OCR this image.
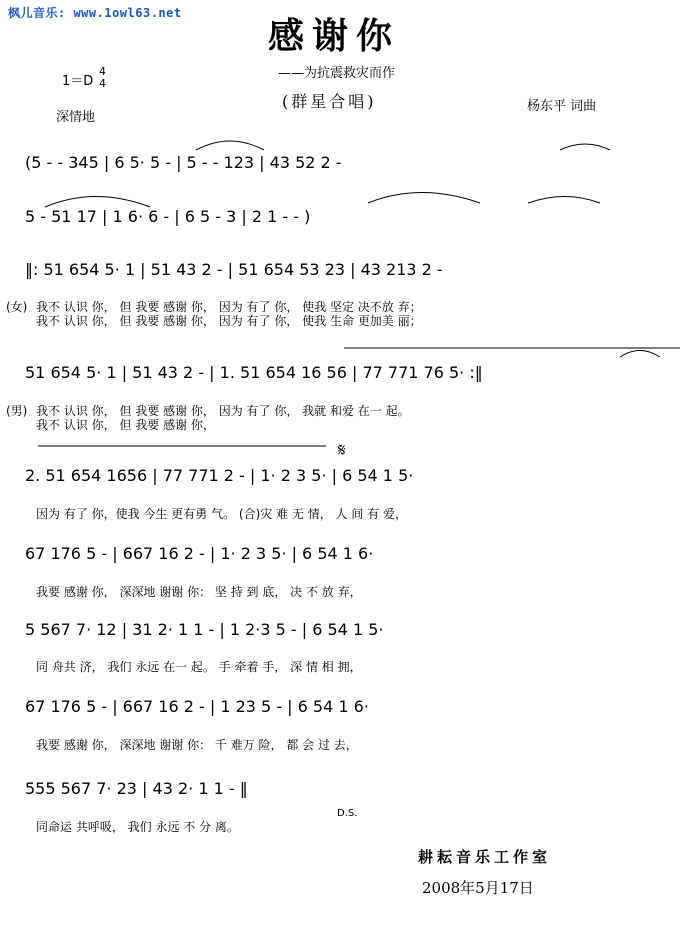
枫儿音乐: www.1owl63.net
感谢你
——为抗震救灾而作
(群星合唱)	杨东平 词曲
1＝D
4
4
深情地
(5 - - 345 | 6 5· 5 - | 5 - - 123 | 43 52 2 -
5 - 51 17 | 1 6· 6 - | 6 5 - 3 | 2 1 - - )
‖: 51 654 5· 1 | 51 43 2 - | 51 654 53 23 | 43 213 2 -
(女) 我不 认识 你， 但 我要 感谢 你， 因为 有了 你， 使我 坚定 决不放 弃；
我不 认识 你， 但 我要 感谢 你， 因为 有了 你， 使我 生命 更加美 丽；
51 654 5· 1 | 51 43 2 - | 1. 51 654 16 56 | 77 771 76 5· :‖
(男) 我不 认识 你， 但 我要 感谢 你， 因为 有了 你， 我就 和爱 在一 起。
我不 认识 你， 但 我要 感谢 你，
2. 51 654 1656 | 77 771 2 - | 1· 2 3 5· | 6 54 1 5·
因为 有了 你，使我 今生 更有勇 气。 (合)灾 难 无 情， 人 间 有 爱，
67 176 5 - | 667 16 2 - | 1· 2 3 5· | 6 54 1 6·
我要 感谢 你， 深深地 谢谢 你： 坚 持 到 底， 决 不 放 弃，
5 567 7· 12 | 31 2· 1 1 - | 1 2·3 5 - | 6 54 1 5·
同 舟共 济， 我们 永远 在一 起。 手 牵着 手， 深 情 相 拥，
67 176 5 - | 667 16 2 - | 1 23 5 - | 6 54 1 6·
我要 感谢 你， 深深地 谢谢 你： 千 难万 险， 都 会 过 去，
555 567 7· 23 | 43 2· 1 1 - ‖
同命运 共呼吸， 我们 永远 不 分 离。
𝄋
D.S.
耕耘音乐工作室
2008年5月17日
